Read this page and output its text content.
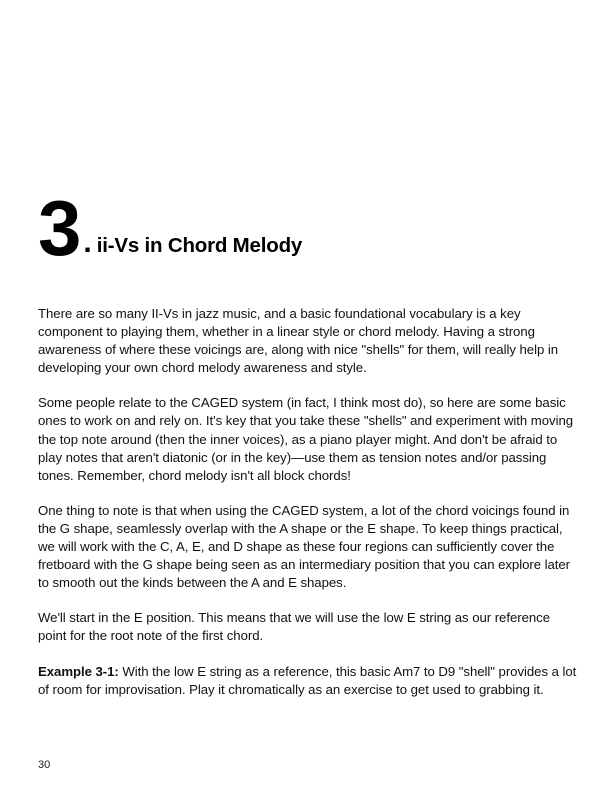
3 . ii-Vs in Chord Melody

There are so many II-Vs in jazz music, and a basic foundational vocabulary is a key component to playing them, whether in a linear style or chord melody. Having a strong awareness of where these voicings are, along with nice "shells" for them, will really help in developing your own chord melody awareness and style.

Some people relate to the CAGED system (in fact, I think most do), so here are some basic ones to work on and rely on. It's key that you take these "shells" and experiment with moving the top note around (then the inner voices), as a piano player might. And don't be afraid to play notes that aren't diatonic (or in the key)—use them as tension notes and/or passing tones. Remember, chord melody isn't all block chords!

One thing to note is that when using the CAGED system, a lot of the chord voicings found in the G shape, seamlessly overlap with the A shape or the E shape. To keep things practical, we will work with the C, A, E, and D shape as these four regions can sufficiently cover the fretboard with the G shape being seen as an intermediary position that you can explore later to smooth out the kinds between the A and E shapes.

We'll start in the E position. This means that we will use the low E string as our reference point for the root note of the first chord.

Example 3-1: With the low E string as a reference, this basic Am7 to D9 "shell" provides a lot of room for improvisation. Play it chromatically as an exercise to get used to grabbing it.

30
